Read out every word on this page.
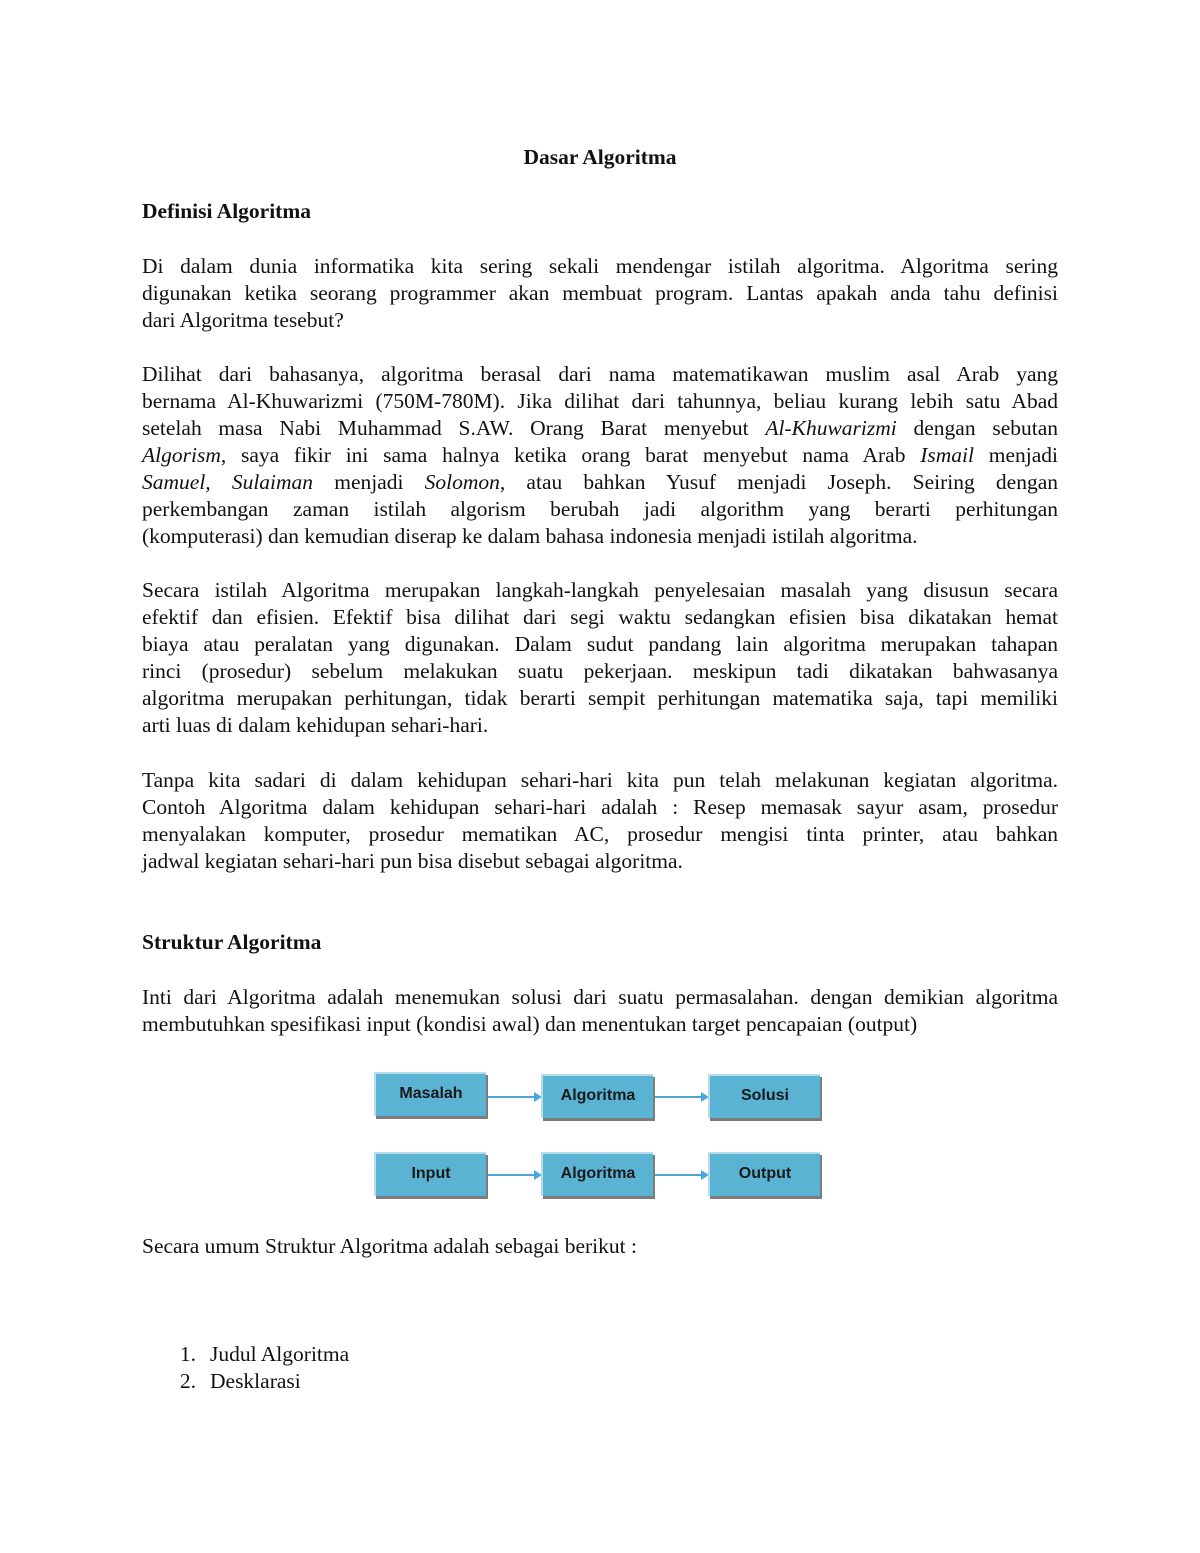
Dasar Algoritma
Definisi Algoritma
Di dalam dunia informatika kita sering sekali mendengar istilah algoritma. Algoritma sering
digunakan ketika seorang programmer akan membuat program. Lantas apakah anda tahu definisi
dari Algoritma tesebut?
Dilihat dari bahasanya, algoritma berasal dari nama matematikawan muslim asal Arab yang
bernama Al-Khuwarizmi (750M-780M). Jika dilihat dari tahunnya, beliau kurang lebih satu Abad
setelah masa Nabi Muhammad S.AW. Orang Barat menyebut Al-Khuwarizmi dengan sebutan
Algorism, saya fikir ini sama halnya ketika orang barat menyebut nama Arab Ismail menjadi
Samuel, Sulaiman menjadi Solomon, atau bahkan Yusuf menjadi Joseph. Seiring dengan
perkembangan zaman istilah algorism berubah jadi algorithm yang berarti perhitungan
(komputerasi) dan kemudian diserap ke dalam bahasa indonesia menjadi istilah algoritma.
Secara istilah Algoritma merupakan langkah-langkah penyelesaian masalah yang disusun secara
efektif dan efisien. Efektif bisa dilihat dari segi waktu sedangkan efisien bisa dikatakan hemat
biaya atau peralatan yang digunakan. Dalam sudut pandang lain algoritma merupakan tahapan
rinci (prosedur) sebelum melakukan suatu pekerjaan. meskipun tadi dikatakan bahwasanya
algoritma merupakan perhitungan, tidak berarti sempit perhitungan matematika saja, tapi memiliki
arti luas di dalam kehidupan sehari-hari.
Tanpa kita sadari di dalam kehidupan sehari-hari kita pun telah melakunan kegiatan algoritma.
Contoh Algoritma dalam kehidupan sehari-hari adalah : Resep memasak sayur asam, prosedur
menyalakan komputer, prosedur mematikan AC, prosedur mengisi tinta printer, atau bahkan
jadwal kegiatan sehari-hari pun bisa disebut sebagai algoritma.
Struktur Algoritma
Inti dari Algoritma adalah menemukan solusi dari suatu permasalahan. dengan demikian algoritma
membutuhkan spesifikasi input (kondisi awal) dan menentukan target pencapaian (output)
Masalah	Algoritma	Solusi
Input	Algoritma	Output
Secara umum Struktur Algoritma adalah sebagai berikut :
1. Judul Algoritma
2. Desklarasi
